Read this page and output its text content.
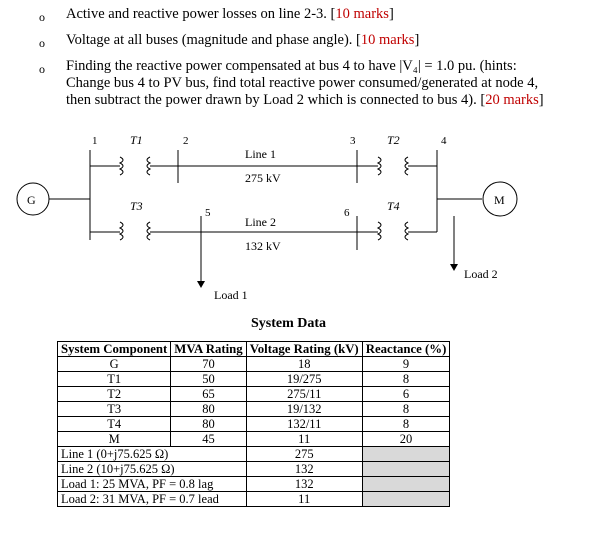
o Active and reactive power losses on line 2-3. [10 marks]
o Voltage at all buses (magnitude and phase angle). [10 marks]
o Finding the reactive power compensated at bus 4 to have |V₄| = 1.0 pu. (hints:
Change bus 4 to PV bus, find total reactive power consumed/generated at node 4,
then subtract the power drawn by Load 2 which is connected to bus 4). [20 marks]
G	M
1	2	3	4
5	6
T1	T2
T3	T4
Line 1
275 kV
Line 2
132 kV
Load 1
Load 2
System Data
System Component	MVA Rating	Voltage Rating (kV)	Reactance (%)
G	70	18	9
T1	50	19/275	8
T2	65	275/11	6
T3	80	19/132	8
T4	80	132/11	8
M	45	11	20
Line 1 (0+j75.625 Ω)		275	
Line 2 (10+j75.625 Ω)		132	
Load 1: 25 MVA, PF = 0.8 lag		132	
Load 2: 31 MVA, PF = 0.7 lead		11	
